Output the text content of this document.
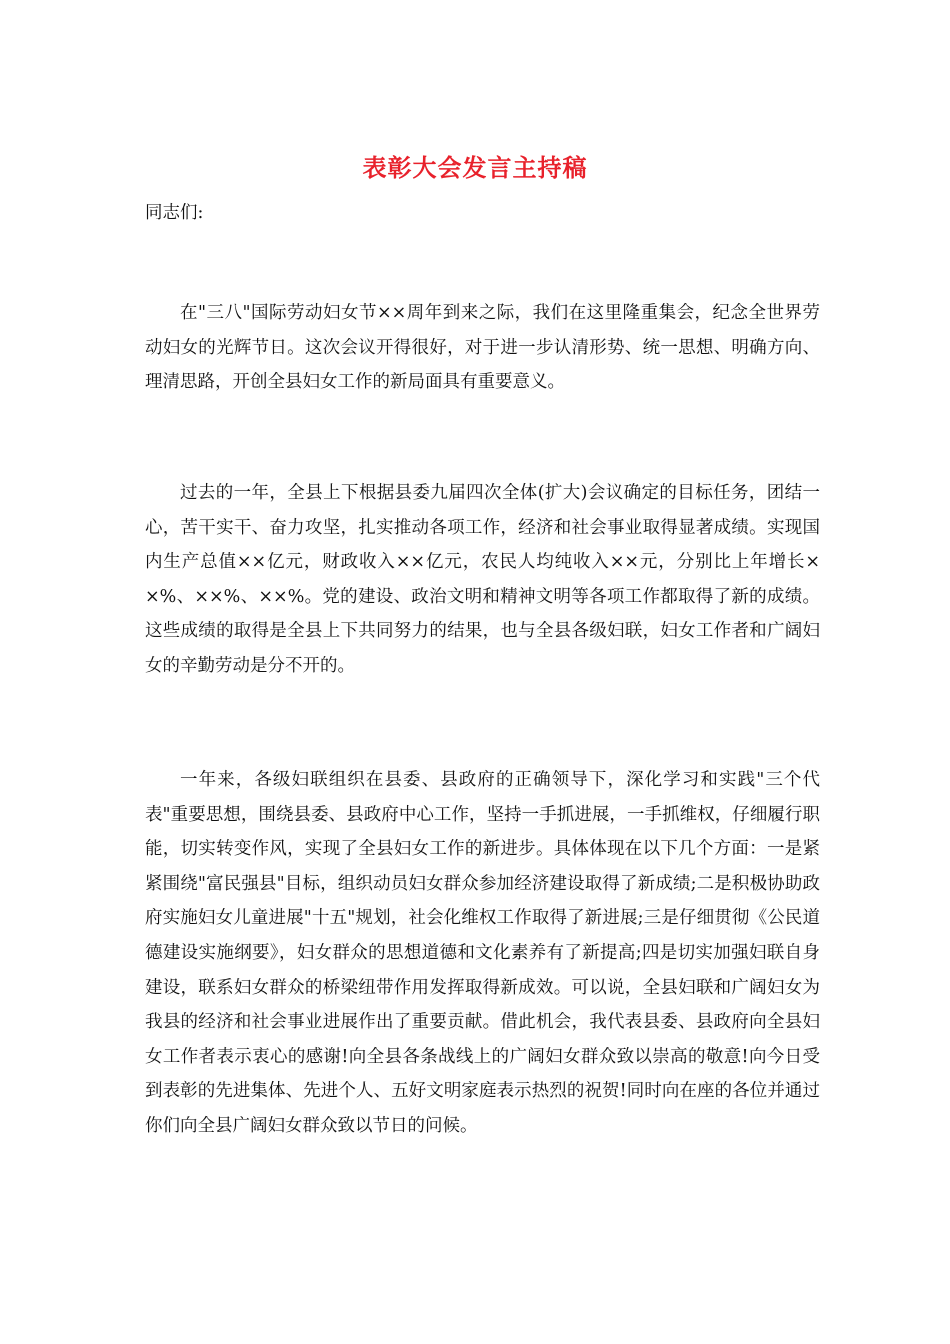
表彰大会发言主持稿

同志们:

在"三八"国际劳动妇女节××周年到来之际，我们在这里隆重集会，纪念全世界劳动妇女的光辉节日。这次会议开得很好，对于进一步认清形势、统一思想、明确方向、理清思路，开创全县妇女工作的新局面具有重要意义。

过去的一年，全县上下根据县委九届四次全体(扩大)会议确定的目标任务，团结一心，苦干实干、奋力攻坚，扎实推动各项工作，经济和社会事业取得显著成绩。实现国内生产总值××亿元，财政收入××亿元，农民人均纯收入××元，分别比上年增长××%、××%、××%。党的建设、政治文明和精神文明等各项工作都取得了新的成绩。这些成绩的取得是全县上下共同努力的结果，也与全县各级妇联，妇女工作者和广阔妇女的辛勤劳动是分不开的。

一年来，各级妇联组织在县委、县政府的正确领导下，深化学习和实践"三个代表"重要思想，围绕县委、县政府中心工作，坚持一手抓进展，一手抓维权，仔细履行职能，切实转变作风，实现了全县妇女工作的新进步。具体体现在以下几个方面：一是紧紧围绕"富民强县"目标，组织动员妇女群众参加经济建设取得了新成绩;二是积极协助政府实施妇女儿童进展"十五"规划，社会化维权工作取得了新进展;三是仔细贯彻《公民道德建设实施纲要》，妇女群众的思想道德和文化素养有了新提高;四是切实加强妇联自身建设，联系妇女群众的桥梁纽带作用发挥取得新成效。可以说，全县妇联和广阔妇女为我县的经济和社会事业进展作出了重要贡献。借此机会，我代表县委、县政府向全县妇女工作者表示衷心的感谢!向全县各条战线上的广阔妇女群众致以崇高的敬意!向今日受到表彰的先进集体、先进个人、五好文明家庭表示热烈的祝贺!同时向在座的各位并通过你们向全县广阔妇女群众致以节日的问候。
